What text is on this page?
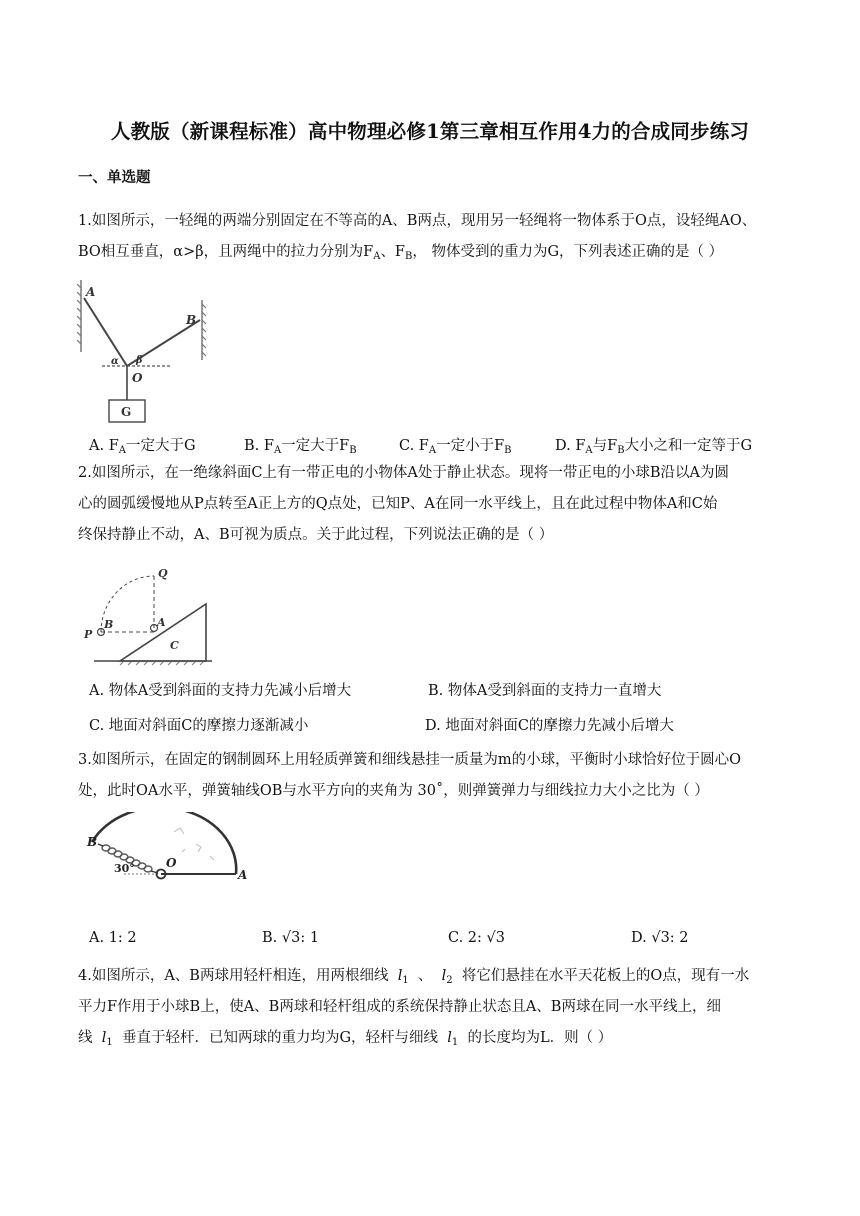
人教版（新课程标准）高中物理必修1第三章相互作用4力的合成同步练习
一、单选题
1.如图所示，一轻绳的两端分别固定在不等高的A、B两点，现用另一轻绳将一物体系于O点，设轻绳AO、
BO相互垂直，α>β，且两绳中的拉力分别为$F_A$、$F_B$， 物体受到的重力为G，下列表述正确的是（ ）
A
B
O
α β
G
A. $F_A$一定大于G	B. $F_A$一定大于$F_B$	C. $F_A$一定小于$F_B$	D. $F_A$与$F_B$大小之和一定等于G
2.如图所示，在一绝缘斜面C上有一带正电的小物体A处于静止状态。现将一带正电的小球B沿以A为圆
心的圆弧缓慢地从P点转至A正上方的Q点处，已知P、A在同一水平线上，且在此过程中物体A和C始
终保持静止不动，A、B可视为质点。关于此过程，下列说法正确的是（ ）
Q
P
B	A
C
A. 物体A受到斜面的支持力先减小后增大	B. 物体A受到斜面的支持力一直增大
C. 地面对斜面C的摩擦力逐渐减小	D. 地面对斜面C的摩擦力先减小后增大
3.如图所示，在固定的钢制圆环上用轻质弹簧和细线悬挂一质量为m的小球，平衡时小球恰好位于圆心O
处，此时OA水平，弹簧轴线OB与水平方向的夹角为 30˚，则弹簧弹力与细线拉力大小之比为（ ）
B
O
A
30°
A. 1: 2	B. √3: 1	C. 2: √3	D. √3: 2
4.如图所示，A、B两球用轻杆相连，用两根细线 $l_1$ 、 $l_2$ 将它们悬挂在水平天花板上的O点，现有一水
平力F作用于小球B上，使A、B两球和轻杆组成的系统保持静止状态且A、B两球在同一水平线上，细
线 $l_1$ 垂直于轻杆．已知两球的重力均为G，轻杆与细线 $l_1$ 的长度均为L．则（ ）
